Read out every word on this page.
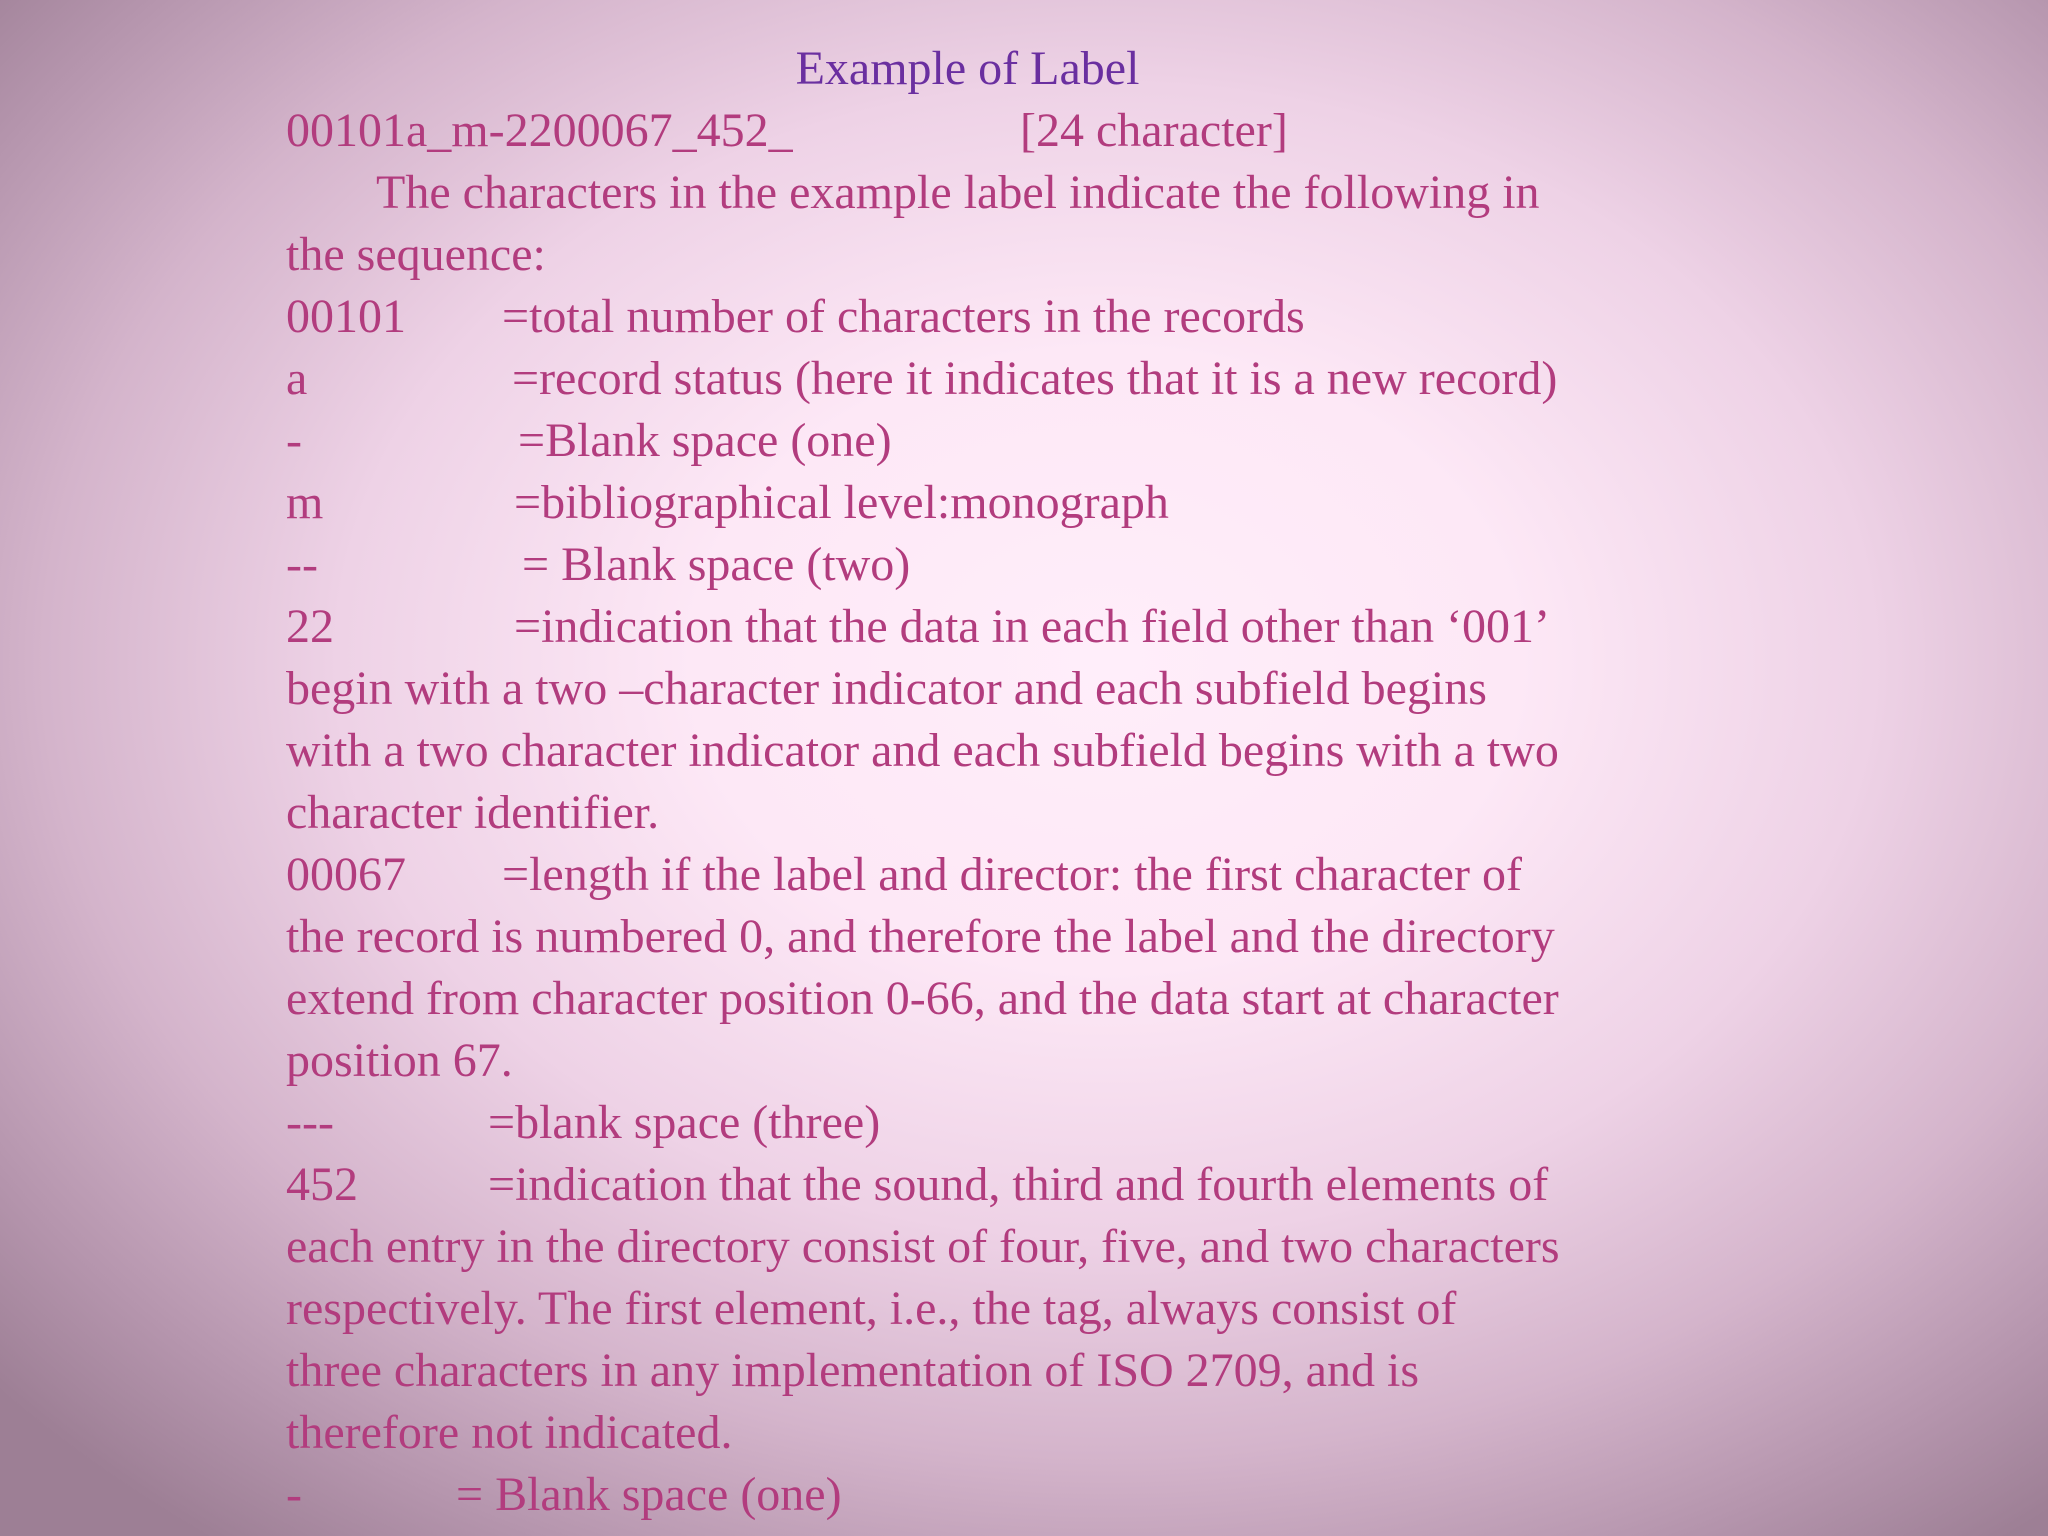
Example of Label
00101a_m-2200067_452_	[24 character]
The characters in the example label indicate the following in
the sequence:
00101 =total number of characters in the records
a	=record status (here it indicates that it is a new record)
-	=Blank space (one)
m	=bibliographical level:monograph
--	= Blank space (two)
22	=indication that the data in each field other than ‘001’
begin with a two –character indicator and each subfield begins
with a two character indicator and each subfield begins with a two
character identifier.
00067 =length if the label and director: the first character of
the record is numbered 0, and therefore the label and the directory
extend from character position 0-66, and the data start at character
position 67.
---	=blank space (three)
452	=indication that the sound, third and fourth elements of
each entry in the directory consist of four, five, and two characters
respectively. The first element, i.e., the tag, always consist of
three characters in any implementation of ISO 2709, and is
therefore not indicated.
-	= Blank space (one)
